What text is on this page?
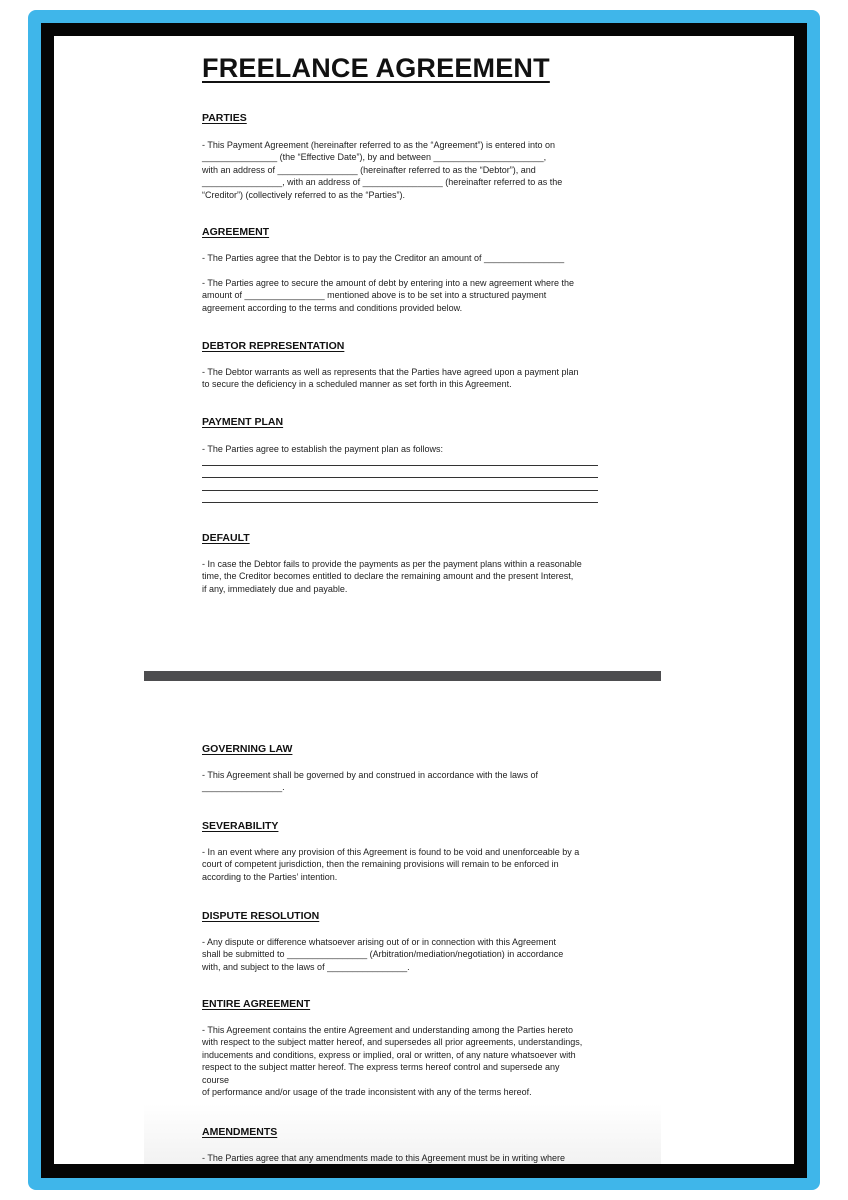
FREELANCE AGREEMENT
PARTIES
- This Payment Agreement (hereinafter referred to as the “Agreement”) is entered into on
_______________ (the “Effective Date”), by and between ______________________,
with an address of ________________ (hereinafter referred to as the “Debtor”), and
________________, with an address of ________________ (hereinafter referred to as the
“Creditor”) (collectively referred to as the “Parties”).
AGREEMENT
- The Parties agree that the Debtor is to pay the Creditor an amount of ________________
- The Parties agree to secure the amount of debt by entering into a new agreement where the
amount of ________________ mentioned above is to be set into a structured payment
agreement according to the terms and conditions provided below.
DEBTOR REPRESENTATION
- The Debtor warrants as well as represents that the Parties have agreed upon a payment plan
to secure the deficiency in a scheduled manner as set forth in this Agreement.
PAYMENT PLAN
- The Parties agree to establish the payment plan as follows:
DEFAULT
- In case the Debtor fails to provide the payments as per the payment plans within a reasonable
time, the Creditor becomes entitled to declare the remaining amount and the present Interest,
if any, immediately due and payable.
GOVERNING LAW
- This Agreement shall be governed by and construed in accordance with the laws of
________________.
SEVERABILITY
- In an event where any provision of this Agreement is found to be void and unenforceable by a
court of competent jurisdiction, then the remaining provisions will remain to be enforced in
according to the Parties’ intention.
DISPUTE RESOLUTION
- Any dispute or difference whatsoever arising out of or in connection with this Agreement
shall be submitted to ________________ (Arbitration/mediation/negotiation) in accordance
with, and subject to the laws of ________________.
ENTIRE AGREEMENT
- This Agreement contains the entire Agreement and understanding among the Parties hereto
with respect to the subject matter hereof, and supersedes all prior agreements, understandings,
inducements and conditions, express or implied, oral or written, of any nature whatsoever with
respect to the subject matter hereof. The express terms hereof control and supersede any
course
of performance and/or usage of the trade inconsistent with any of the terms hereof.
AMENDMENTS
- The Parties agree that any amendments made to this Agreement must be in writing where
